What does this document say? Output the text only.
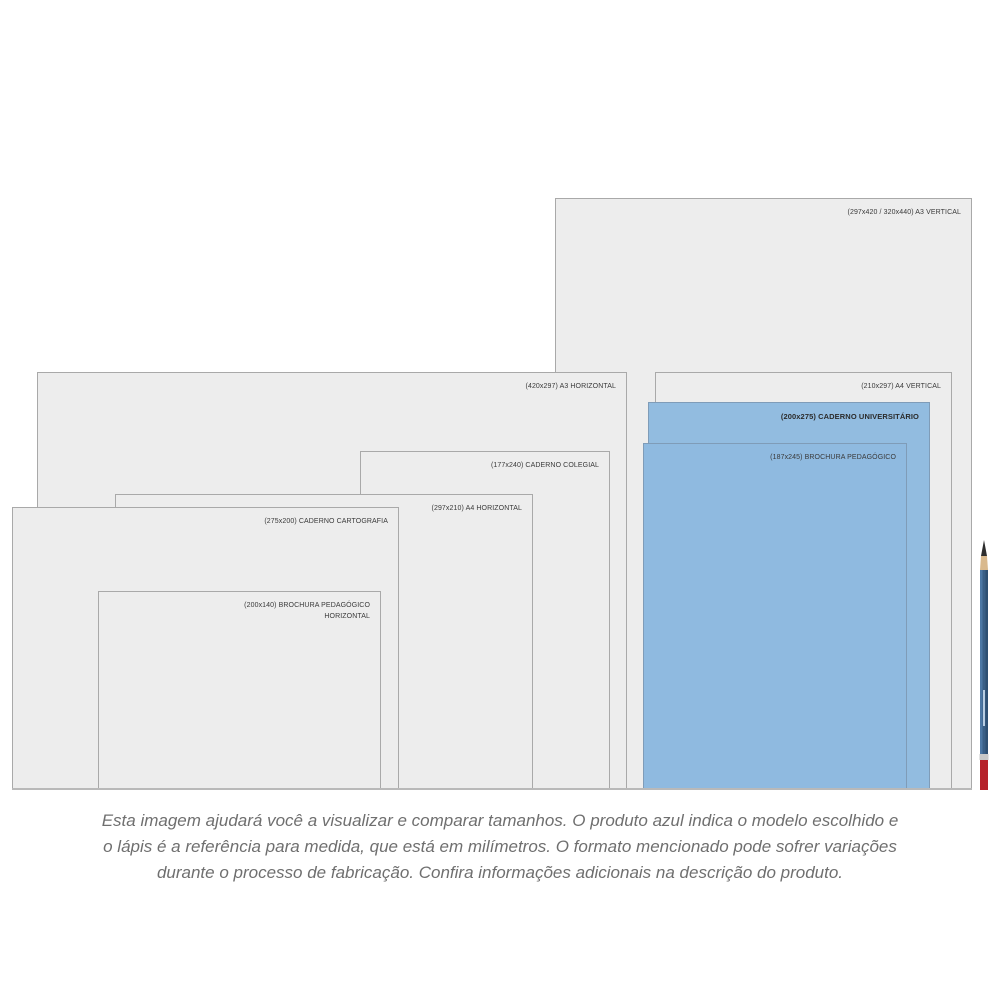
(297x420 / 320x440) A3 VERTICAL
(420x297) A3 HORIZONTAL	(210x297) A4 VERTICAL
(200x275) CADERNO UNIVERSITÁRIO
(187x245) BROCHURA PEDAGÓGICO
(177x240) CADERNO COLEGIAL
(297x210) A4 HORIZONTAL
(275x200) CADERNO CARTOGRAFIA
(200x140) BROCHURA PEDAGÓGICO
HORIZONTAL
Esta imagem ajudará você a visualizar e comparar tamanhos. O produto azul indica o modelo escolhido e
o lápis é a referência para medida, que está em milímetros. O formato mencionado pode sofrer variações
durante o processo de fabricação. Confira informações adicionais na descrição do produto.
